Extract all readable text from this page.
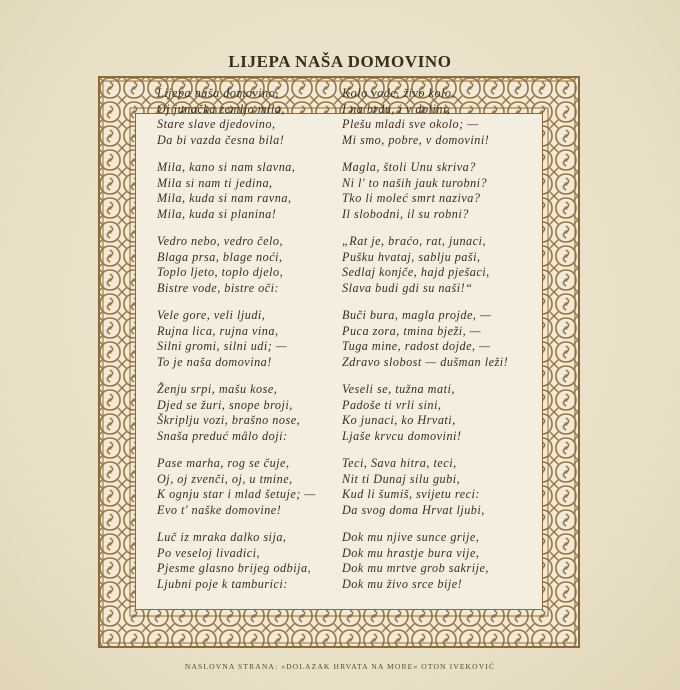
LIJEPA NAŠA DOMOVINO
Lijepa naša domovino,
Oj junačka zemljo mila,
Stare slave djedovino,
Da bi vazda česna bila!
Mila, kano si nam slavna,
Mila si nam ti jedina,
Mila, kuda si nam ravna,
Mila, kuda si planina!
Vedro nebo, vedro čelo,
Blaga prsa, blage noći,
Toplo ljeto, toplo djelo,
Bistre vode, bistre oči:
Vele gore, veli ljudi,
Rujna lica, rujna vina,
Silni gromi, silni udi; —
To je naša domovina!
Ženju srpi, mašu kose,
Djed se žuri, snope broji,
Škriplju vozi, brašno nose,
Snaša preduć mâlo doji:
Pase marha, rog se čuje,
Oj, oj zvenči, oj, u tmine,
K ognju star i mlad šetuje; —
Evo t' naške domovine!
Luč iz mraka dalko sija,
Po veseloj livadici,
Pjesme glasno brijeg odbija,
Ljubni poje k tamburici:
Kolo vode, živo kolo,
I na brdu, i v dolini,
Plešu mladi sve okolo; —
Mi smo, pobre, v domovini!
Magla, štoli Unu skriva?
Ni l' to naših jauk turobni?
Tko li moleć smrt naziva?
Il slobodni, il su robni?
„Rat je, braćo, rat, junaci,
Pušku hvataj, sablju paši,
Sedlaj konjče, hajd pješaci,
Slava budi gdi su naši!“
Buči bura, magla projde, —
Puca zora, tmina bježi, —
Tuga mine, radost dojde, —
Zdravo slobost — dušman leži!
Veseli se, tužna mati,
Padoše ti vrli sini,
Ko junaci, ko Hrvati,
Ljaše krvcu domovini!
Teci, Sava hitra, teci,
Nit ti Dunaj silu gubi,
Kud li šumiš, svijetu reci:
Da svog doma Hrvat ljubi,
Dok mu njive sunce grije,
Dok mu hrastje bura vije,
Dok mu mrtve grob sakrije,
Dok mu živo srce bije!
NASLOVNA STRANA: »DOLAZAK HRVATA NA MORE« OTON IVEKOVIĆ
